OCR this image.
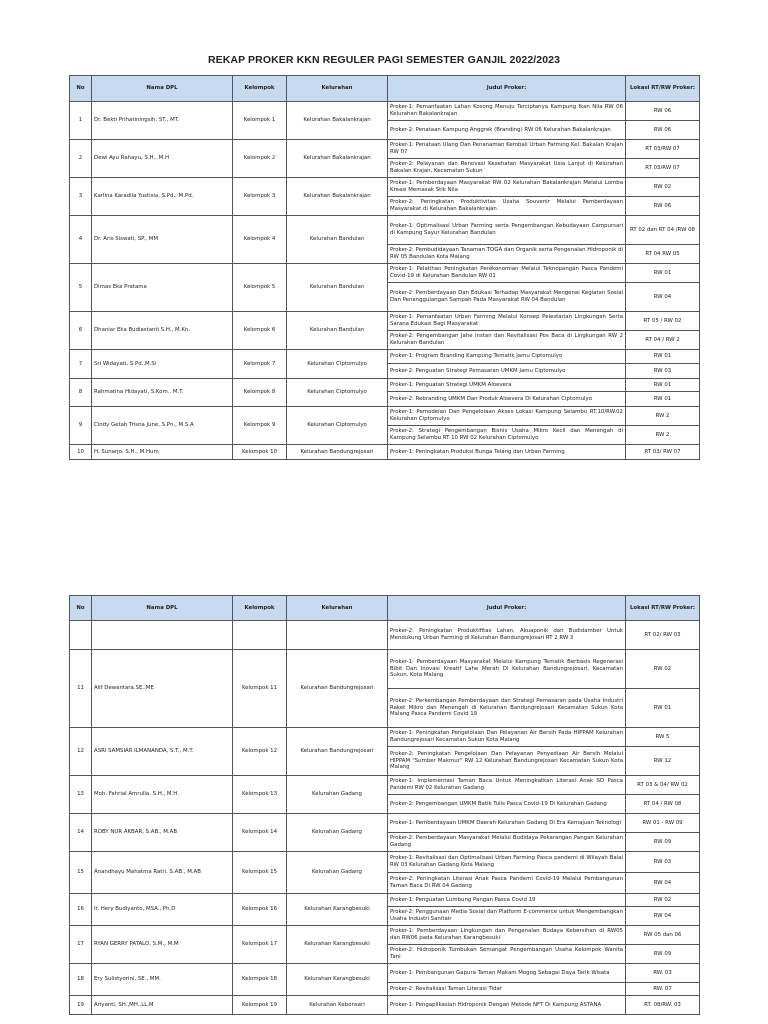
REKAP PROKER KKN REGULER PAGI SEMESTER GANJIL 2022/2023
No	Nama DPL	Kelompok	Kelurahan	Judul Proker:	Lokasi RT/RW Proker:
1	Dr. Bekti Prihatiningsih, ST., MT.	Kelompok 1	Kelurahan Bakalankrajan	Proker-1: Pemanfaatan Lahan Kosong Menuju Terciptanya Kampung Ikan Nila RW 06 Kelurahan Bakalankrajan	RW 06
				Proker-2: Penataan Kampung Anggrek (Branding) RW 06 Kelurahan Bakalankrajan	RW 06
2	Dewi Ayu Rahayu, S.H., M.H	Kelompok 2	Kelurahan Bakalankrajan	Proker-1: Penataan Ulang Dan Penanaman Kembali Urban Farming Kel. Bakalan Krajan RW 07	RT 03/RW 07
				Proker-2: Pelayanan dan Renovasi Kesehatan Masyarakat Usia Lanjut di Kelurahan Bakalan Krajan, Kecamatan Sukun	RT 03/RW 07
3	Karlina Karadila Yustisia, S.Pd., M.Pd.	Kelompok 3	Kelurahan Bakalankrajan	Proker-1: Pemberdayaan Masyarakat RW 02 Kelurahan Bakalankrajan Melalui Lomba Kreasi Memasak Stik Nila	RW 02
				Proker-2: Peningkatan Produktivitas Usaha Souvenir Melalui Pemberdayaan Masyarakat di Kelurahan Bakalankrajan	RW 06
4	Dr. Aris Siswati, SP., MM	Kelompok 4	Kelurahan Bandulan	Proker-1: Optimalisasi Urban Farming serta Pengembangan Kebudayaan Campursari di Kampung Sayur Kelurahan Bandulan	RT 02 dan RT 04 /RW 08
				Proker-2: Pembudidayaan Tanaman TOGA dan Organik serta Pengenalan Hidroponik di RW 05 Bandulan Kota Malang	RT 04 RW 05
5	Dimas Eka Pratama	Kelompok 5	Kelurahan Bandulan	Proker-1: Pelatihan Peningkatan Perekonomian Melalui Teknopangan Pasca Pandemi Covid-19 di Kelurahan Bandulan RW 01	RW 01
				Proker-2: Pemberdayaan Dan Edukasi Terhadap Masyarakat Mengenai Kegiatan Sosial Dan Penanggulangan Sampah Pada Masyarakat RW 04 Bandulan	RW 04
6	Dhaniar Eka Budiastanti S.H., M.Kn.	Kelompok 6	Kelurahan Bandulan	Proker-1: Pemanfaatan Urban Farming Melalui Konsep Pelestarian Lingkungan Serta Sarana Edukasi Bagi Masyarakat	RT 05 / RW 02
				Proker-2: Pengembangan Jahe instan dan Revitalisasi Pos Baca di Lingkungan RW 2 Kelurahan Bandulan	RT 04 / RW 2
7	Sri Widayati, S.Pd.,M.Si	Kelompok 7	Kelurahan Ciptomulyo	Proker-1: Program Branding Kampung Tematik Jamu Ciptomulyo	RW 01
				Proker-2: Penguatan Strategi Pemasaran UMKM Jamu Ciptomulyo	RW 03
8	Rahmatina Hidayati, S.Kom., M.T.	Kelompok 8	Kelurahan Ciptomulyo	Proker-1: Penguatan Strategi UMKM Aloevera	RW 01
				Proker-2: Rebranding UMKM Dan Produk Aloevera Di Kelurahan Ciptomulyo	RW 01
9	Cindy Getah Trisna June, S.Pn., M.S.A	Kelompok 9	Kelurahan Ciptomulyo	Proker-1: Pemodelan Dan Pengelolaan Akses Lokasi Kampung Selambu RT.10/RW.02 Kelurahan Ciptomulyo	RW 2
				Proker-2: Strategi Pengembangan Bisnis Usaha Mikro Kecil dan Menengah di Kampung Selambu RT 10 RW 02 Kelurahan Ciptomulyo	RW 2
10	H. Sunarjo, S.H., M.Hum	Kelompok 10	Kelurahan Bandungrejosari	Proker-1: Peningkatan Produksi Bunga Telang dan Urban Farming	RT 03/ RW 07
No	Nama DPL	Kelompok	Kelurahan	Judul Proker:	Lokasi RT/RW Proker:
				Proker-2: Peningkatan Produktifitas Lahan, Akuaponik dan Budidamber Untuk Mendukung Urban Farming di Kelurahan Bandungrejosari RT 2 RW 3	RT 02/ RW 03
11	Alif Dewantara.SE.,ME	Kelompok 11	Kelurahan Bandungrejosari	Proker-1: Pemberdayaan Masyarakat Melalui Kampung Tematik Berbasis Regenerasi Bibit Dan Inovasi Kreatif Lahe Merah Di Kelurahan Bandungrejosari, Kecamatan Sukun, Kota Malang	RW 02
				Proker-2: Perkembangan Pemberdayaan dan Strategi Pemasaran pada Usaha Industri Raket Mikro dan Menengah di Kelurahan Bandungrejosari Kecamatan Sukun Kota Malang Pasca Pandemi Covid 19	RW 01
12	ASRI SAMSIAR ILMANANDA, S.T., M.T.	Kelompok 12	Kelurahan Bandungrejosari	Proker-1: Peningkatan Pengelolaan Dan Pelayanan Air Bersih Pada HIPPAM Kelurahan Bandungrejosari Kecamatan Sukun Kota Malang	RW 5
				Proker-2: Peningkatan Pengelolaan Dan Pelayanan Penyediaan Air Bersih Melalui HIPPAM "Sumber Makmur" RW 12 Kelurahan Bandungrejosari Kecamatan Sukun Kota Malang	RW 12
13	Moh. Fahrial Amrulla, S.H., M.H.	Kelompok 13	Kelurahan Gadang	Proker-1: Implementasi Taman Baca Untuk Meningkatkan Literasi Anak SD Pasca Pandemi RW 02 Kelurahan Gadang	RT 03 & 04/ RW 02
				Proker-2: Pengembangan UMKM Batik Tulis Pasca Covid-19 Di Kelurahan Gadang	RT 04 / RW 08
14	ROBY NUR AKBAR, S.AB., M.AB	Kelompok 14	Kelurahan Gadang	Proker-1: Pemberdayaan UMKM Daerah Kelurahan Gadang Di Era Kemajuan Teknologi	RW 01 - RW 09
				Proker-2: Pemberdayaan Masyarakat Melalui Budidaya Pekarangan Pangan Kelurahan Gadang	RW 09
15	Anandhayu Mahatma Ratri, S.AB., M.AB	Kelompok 15	Kelurahan Gadang	Proker-1: Revitalisasi dan Optimalisasi Urban Farming Pasca pandemi di Wilayah Balai RW 03 Kelurahan Gadang Kota Malang	RW 03
				Proker-2: Peningkatan Literasi Anak Pasca Pandemi Covid-19 Melalui Pembangunan Taman Baca Di RW 04 Gadang	RW 04
16	Ir. Hery Budiyanto, MSA., Ph.D	Kelompok 16	Kelurahan Karangbesuki	Proker-1: Penguatan Lumbung Pangan Pasca Covid 19	RW 02
				Proker-2: Penggunaan Media Sosial dan Platform E-commerce untuk Mengembangkan Usaha Industri Sanitair	RW 04
17	RYAN GERRY PATALO, S.M., M.M	Kelompok 17	Kelurahan Karangbesuki	Proker-1: Pemberdayaan Lingkungan dan Pengenalan Budaya Kebersihan di RW05 dan RW06 pada Kelurahan Karangbesuki	RW 05 dan 06
				Proker-2: Hidroponik Tumbukan Semangat Pengembangan Usaha Kelompok Wanita Tani	RW 09
18	Ery Sulistyorini, SE., MM.	Kelompok 18	Kelurahan Karangbesuki	Proker-1: Pembangunan Gapura Taman Makam Mogog Sebagai Daya Tarik Wisata	RW. 03
				Proker-2: Revitalisasi Taman Literasi Tidar	RW. 07
19	Ariyanti, SH.,MH.,LL.M	Kelompok 19	Kelurahan Kebonsari	Proker-1: Pengaplikasian Hidroponik Dengan Metode NFT Di Kampung ASTANA	RT. 08/RW. 03
